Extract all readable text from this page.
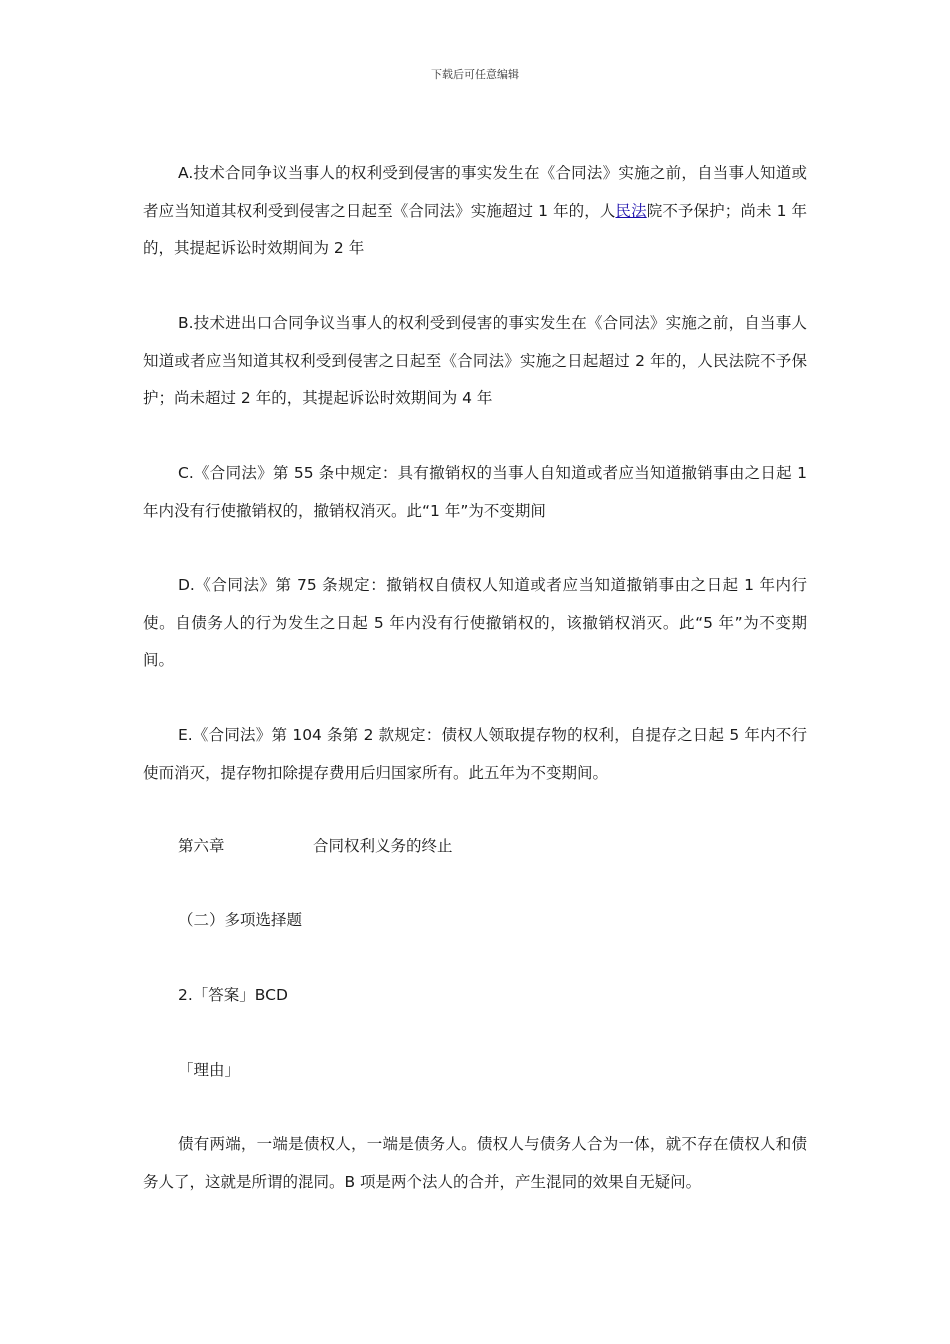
下载后可任意编辑

A.技术合同争议当事人的权利受到侵害的事实发生在《合同法》实施之前，自当事人知道或者应当知道其权利受到侵害之日起至《合同法》实施超过 1 年的，人民法院不予保护；尚未 1 年的，其提起诉讼时效期间为 2 年

B.技术进出口合同争议当事人的权利受到侵害的事实发生在《合同法》实施之前，自当事人知道或者应当知道其权利受到侵害之日起至《合同法》实施之日起超过 2 年的，人民法院不予保护；尚未超过 2 年的，其提起诉讼时效期间为 4 年

C.《合同法》第 55 条中规定：具有撤销权的当事人自知道或者应当知道撤销事由之日起 1 年内没有行使撤销权的，撤销权消灭。此“1 年”为不变期间

D.《合同法》第 75 条规定：撤销权自债权人知道或者应当知道撤销事由之日起 1 年内行使。自债务人的行为发生之日起 5 年内没有行使撤销权的，该撤销权消灭。此“5 年”为不变期间。

E.《合同法》第 104 条第 2 款规定：债权人领取提存物的权利，自提存之日起 5 年内不行使而消灭，提存物扣除提存费用后归国家所有。此五年为不变期间。

第六章	合同权利义务的终止
（二）多项选择题
2.「答案」BCD
「理由」

债有两端，一端是债权人，一端是债务人。债权人与债务人合为一体，就不存在债权人和债务人了，这就是所谓的混同。B 项是两个法人的合并，产生混同的效果自无疑问。
